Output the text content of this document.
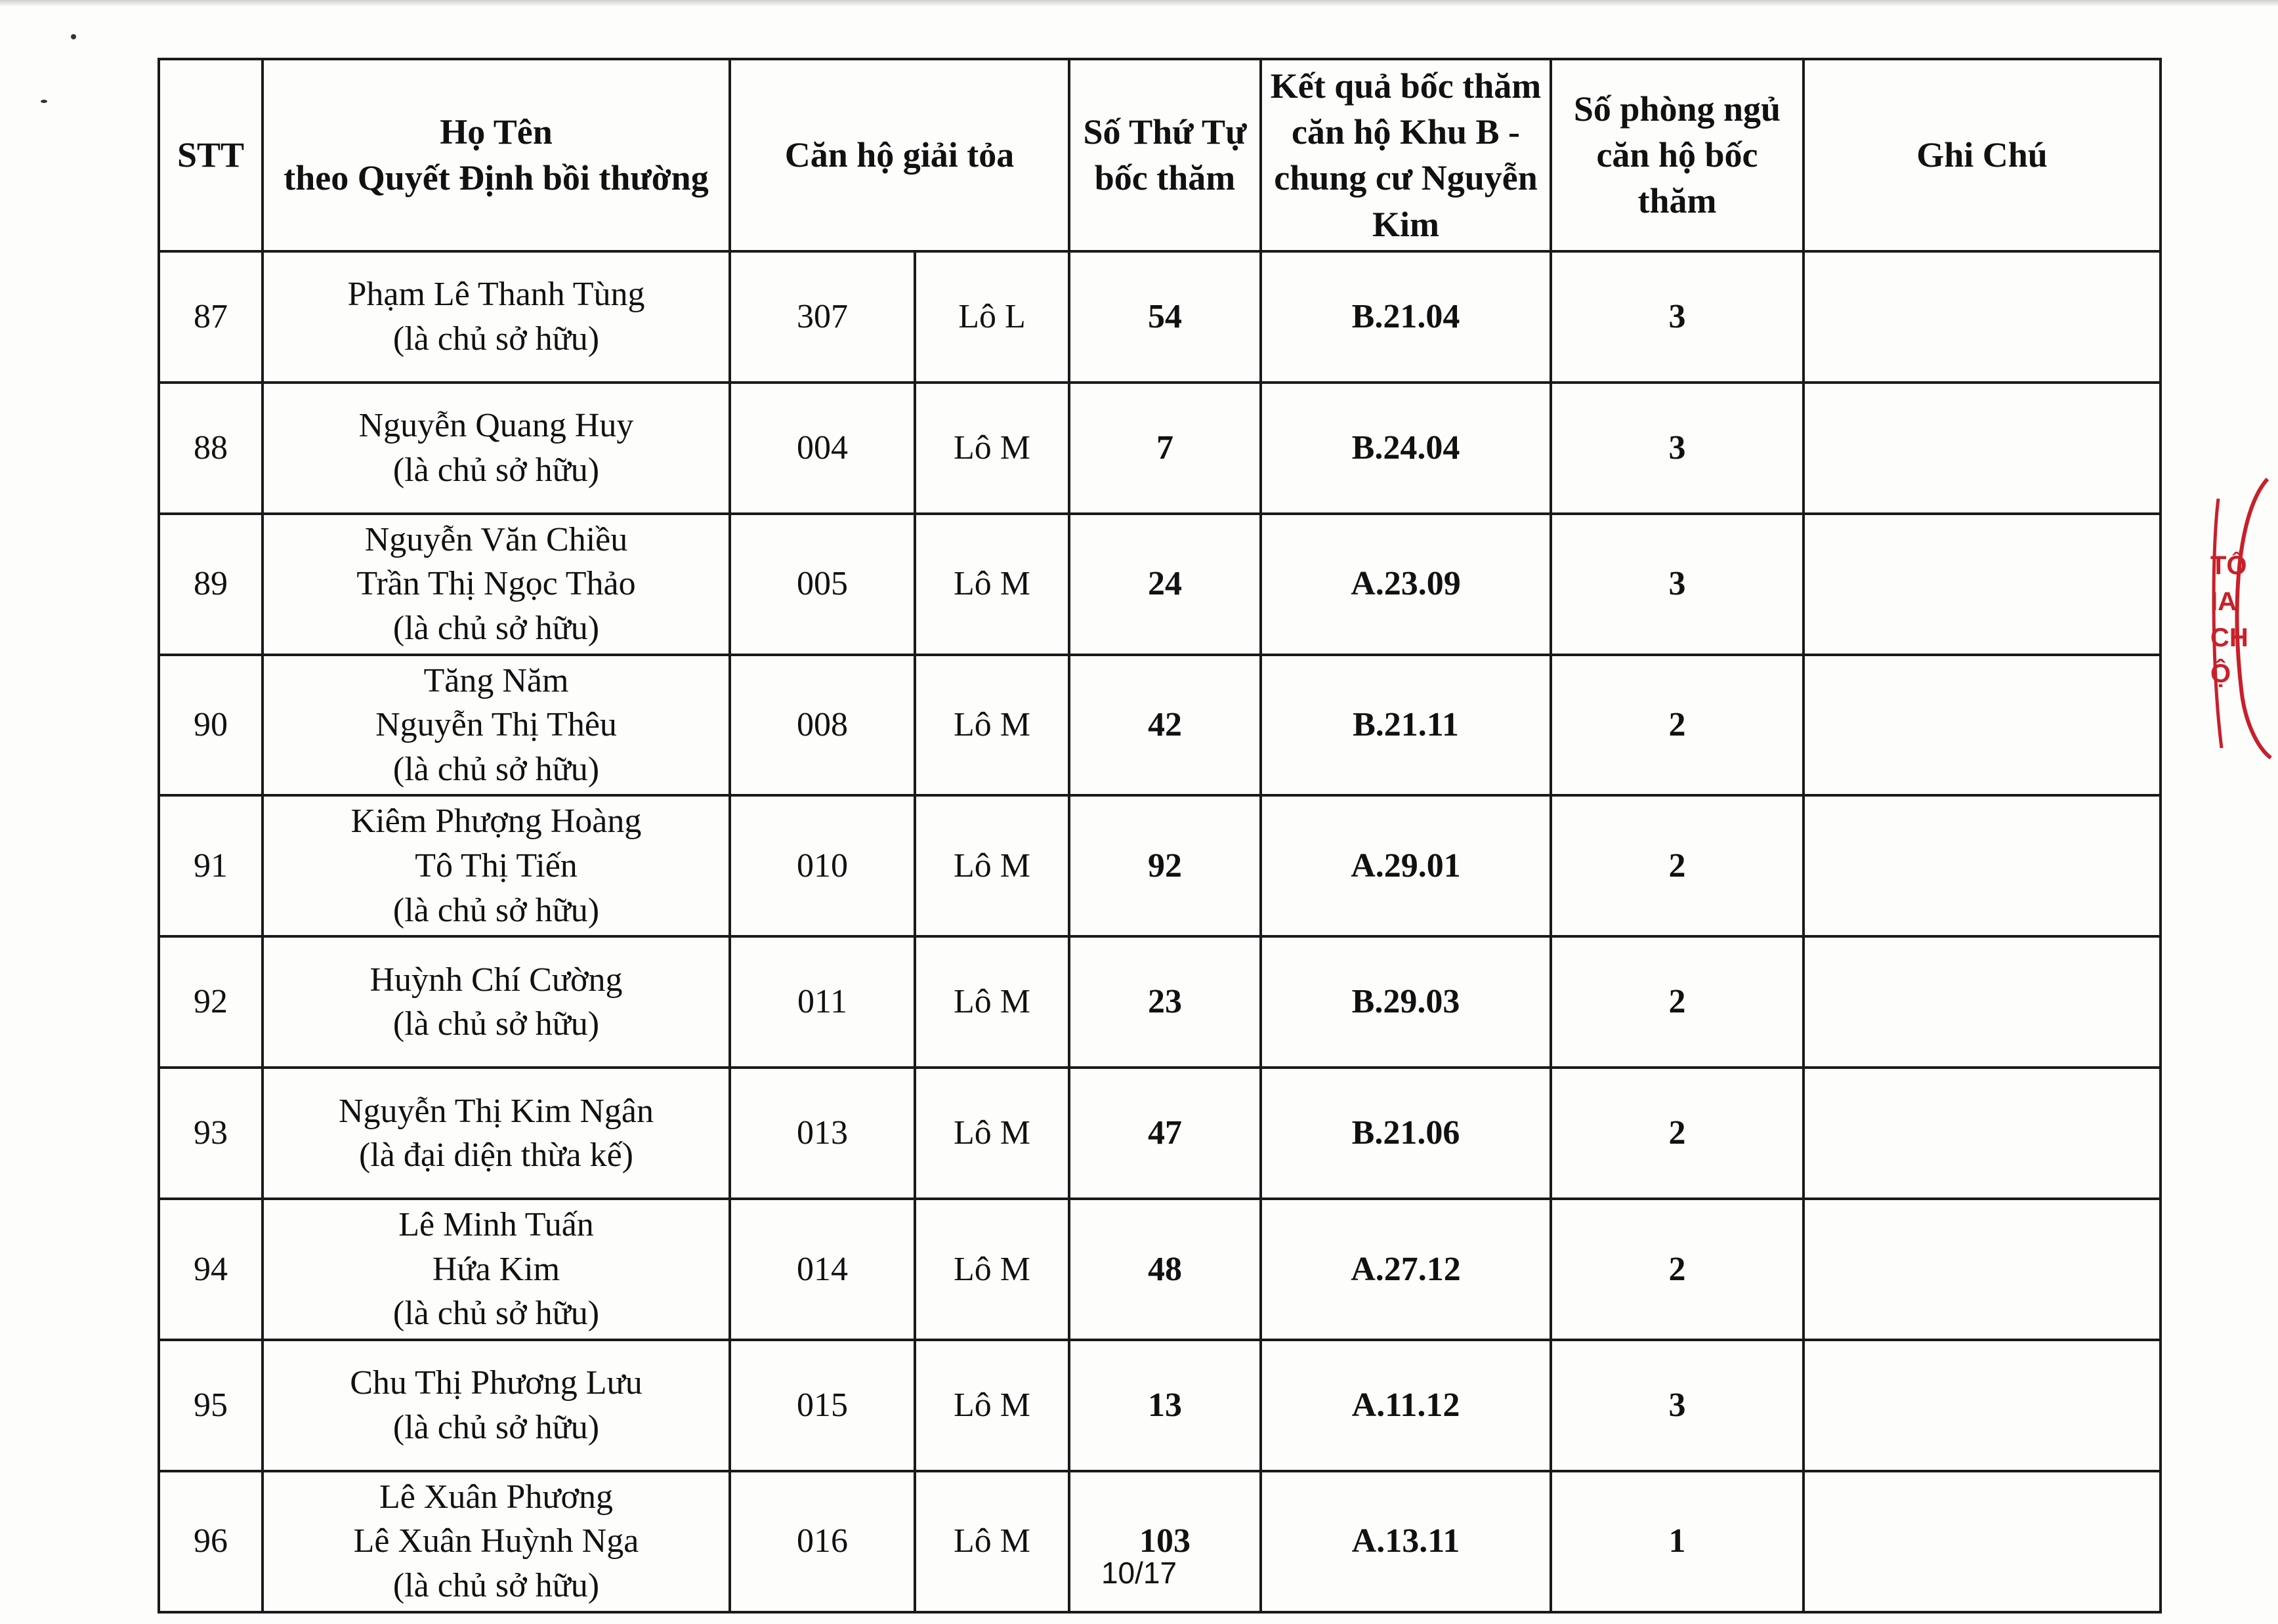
STT	Họ Tên
theo Quyết Định bồi thường	Căn hộ giải tỏa		Số Thứ Tự bốc thăm	Kết quả bốc thăm căn hộ Khu B - chung cư Nguyễn Kim	Số phòng ngủ căn hộ bốc thăm	Ghi Chú
87	Phạm Lê Thanh Tùng
(là chủ sở hữu)	307	Lô L	54	B.21.04	3	
88	Nguyễn Quang Huy
(là chủ sở hữu)	004	Lô M	7	B.24.04	3	
89	Nguyễn Văn Chiều
Trần Thị Ngọc Thảo
(là chủ sở hữu)	005	Lô M	24	A.23.09	3	
90	Tăng Năm
Nguyễn Thị Thêu
(là chủ sở hữu)	008	Lô M	42	B.21.11	2	
91	Kiêm Phượng Hoàng
Tô Thị Tiến
(là chủ sở hữu)	010	Lô M	92	A.29.01	2	
92	Huỳnh Chí Cường
(là chủ sở hữu)	011	Lô M	23	B.29.03	2	
93	Nguyễn Thị Kim Ngân
(là đại diện thừa kế)	013	Lô M	47	B.21.06	2	
94	Lê Minh Tuấn
Hứa Kim
(là chủ sở hữu)	014	Lô M	48	A.27.12	2	
95	Chu Thị Phương Lưu
(là chủ sở hữu)	015	Lô M	13	A.11.12	3	
96	Lê Xuân Phương
Lê Xuân Huỳnh Nga
(là chủ sở hữu)	016	Lô M	103	A.13.11	1	
10/17
TỔ
IA
CH
Ộ
